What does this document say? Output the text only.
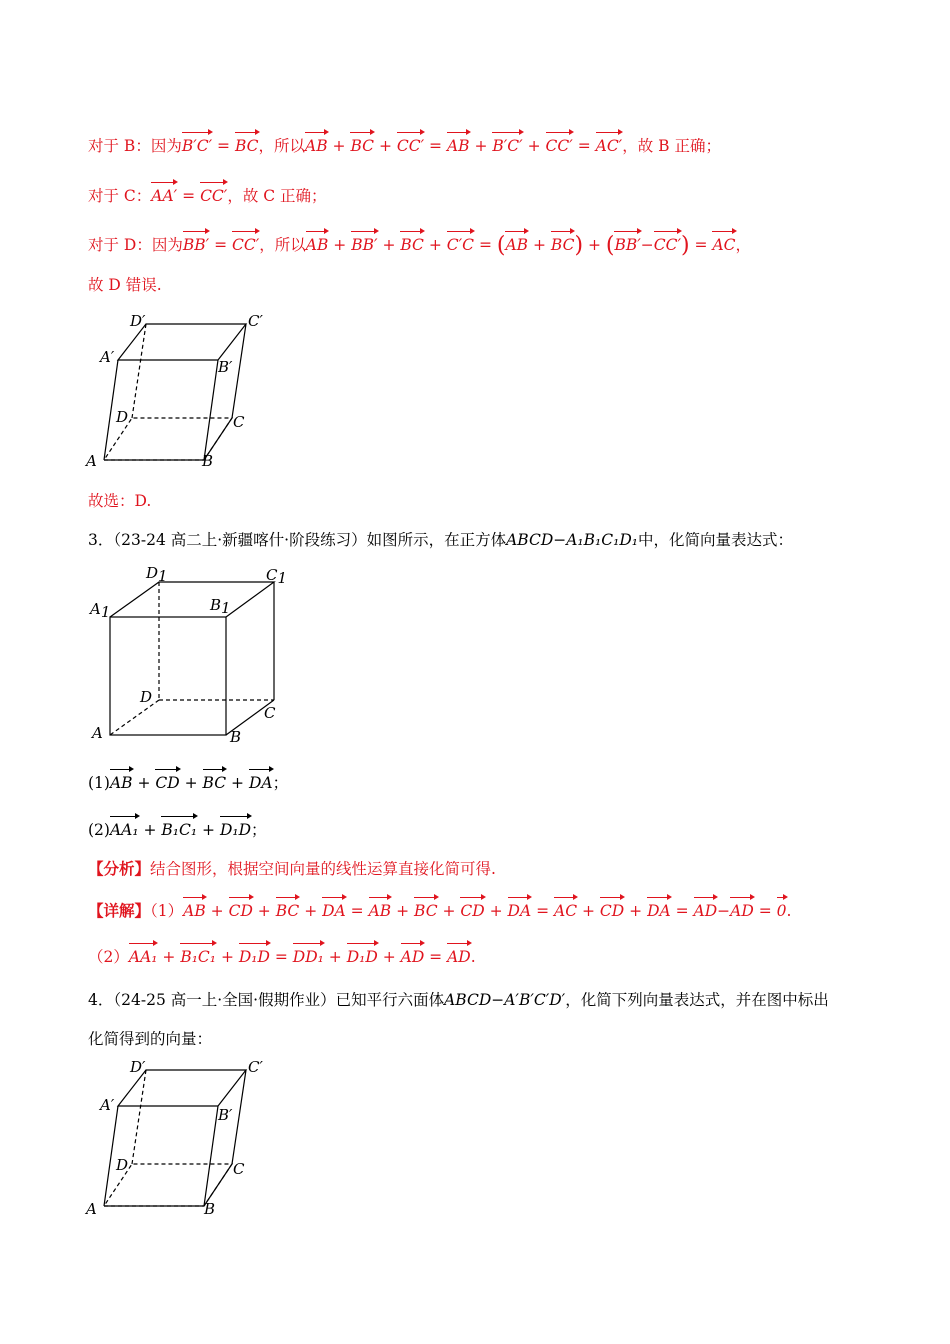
对于 B：因为B′C′ = BC，所以AB + BC + CC′ = AB + B′C′ + CC′ = AC′，故 B 正确；
对于 C：AA′ = CC′，故 C 正确；
对于 D：因为BB′ = CC′，所以AB + BB′ + BC + C′C = (AB + BC) + (BB′−CC′) = AC，
故 D 错误.
A	B
C
D
A′
B′
C′
D′
故选：D.
3．（23-24 高二上·新疆喀什·阶段练习）如图所示，在正方体ABCD−A₁B₁C₁D₁中，化简向量表达式：
A	B
C
D
A1	B1
C1
D1
(1)AB + CD + BC + DA；
(2)AA₁ + B₁C₁ + D₁D；
【分析】结合图形，根据空间向量的线性运算直接化简可得.
【详解】（1）AB + CD + BC + DA = AB + BC + CD + DA = AC + CD + DA = AD−AD = 0.
（2）AA₁ + B₁C₁ + D₁D = DD₁ + D₁D + AD = AD.
4．（24-25 高一上·全国·假期作业）已知平行六面体ABCD−A′B′C′D′，化简下列向量表达式，并在图中标出
化简得到的向量：
A	B
C
D
A′
B′
C′
D′
